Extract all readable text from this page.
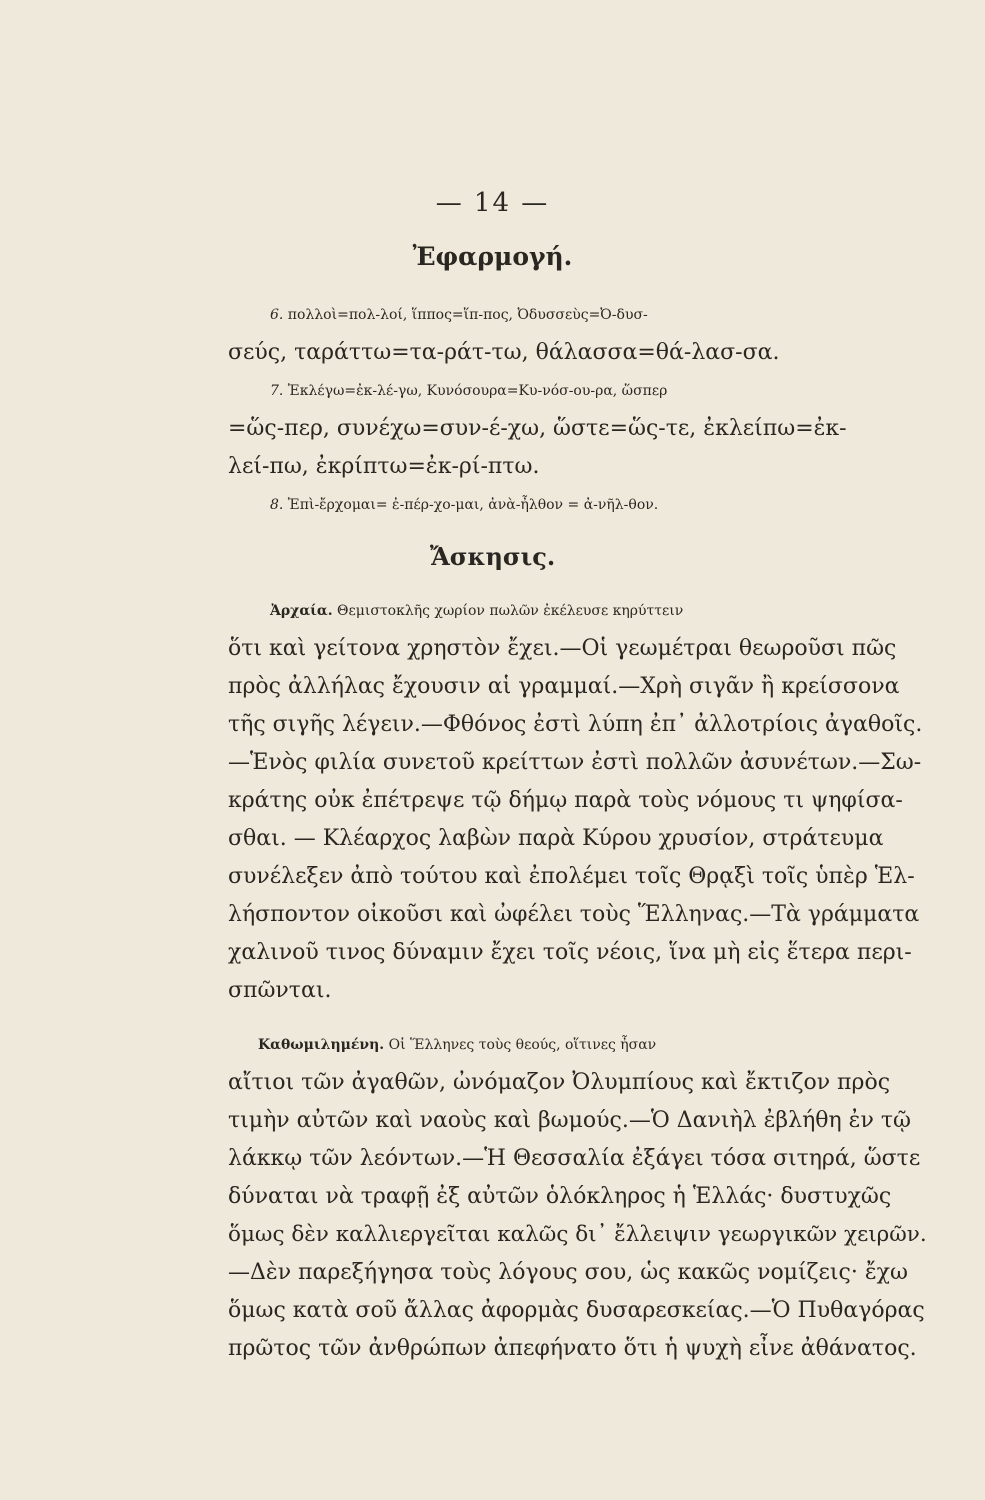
— 14 —
Ἐφαρμογή.
6. πολλοὶ=πολ-λοί, ἵππος=ἵπ-πος, Ὀδυσσεὺς=Ὀ-δυσ-
σεύς, ταράττω=τα-ράτ-τω, θάλασσα=θά-λασ-σα.
7. Ἐκλέγω=ἐκ-λέ-γω, Κυνόσουρα=Κυ-νόσ-ου-ρα, ὥσπερ
=ὥς-περ, συνέχω=συν-έ-χω, ὥστε=ὥς-τε, ἐκλείπω=ἐκ-
λεί-πω, ἐκρίπτω=ἐκ-ρί-πτω.
8. Ἐπὶ-ἔρχομαι= ἐ-πέρ-χο-μαι, ἀνὰ-ἦλθον = ἀ-νῆλ-θον.
Ἄσκησις.
Ἀρχαία. Θεμιστοκλῆς χωρίον πωλῶν ἐκέλευσε κηρύττειν
ὅτι καὶ γείτονα χρηστὸν ἔχει.—Οἱ γεωμέτραι θεωροῦσι πῶς
πρὸς ἀλλήλας ἔχουσιν αἱ γραμμαί.—Χρὴ σιγᾶν ἢ κρείσσονα
τῆς σιγῆς λέγειν.—Φθόνος ἐστὶ λύπη ἐπ᾽ ἀλλοτρίοις ἀγαθοῖς.
—Ἑνὸς φιλία συνετοῦ κρείττων ἐστὶ πολλῶν ἀσυνέτων.—Σω-
κράτης οὐκ ἐπέτρεψε τῷ δήμῳ παρὰ τοὺς νόμους τι ψηφίσα-
σθαι. — Κλέαρχος λαβὼν παρὰ Κύρου χρυσίον, στράτευμα
συνέλεξεν ἀπὸ τούτου καὶ ἐπολέμει τοῖς Θρᾳξὶ τοῖς ὑπὲρ Ἑλ-
λήσποντον οἰκοῦσι καὶ ὠφέλει τοὺς Ἕλληνας.—Τὰ γράμματα
χαλινοῦ τινος δύναμιν ἔχει τοῖς νέοις, ἵνα μὴ εἰς ἕτερα περι-
σπῶνται.
Καθωμιλημένη. Οἱ Ἕλληνες τοὺς θεούς, οἵτινες ἦσαν
αἴτιοι τῶν ἀγαθῶν, ὠνόμαζον Ὀλυμπίους καὶ ἔκτιζον πρὸς
τιμὴν αὐτῶν καὶ ναοὺς καὶ βωμούς.—Ὁ Δανιὴλ ἐβλήθη ἐν τῷ
λάκκῳ τῶν λεόντων.—Ἡ Θεσσαλία ἐξάγει τόσα σιτηρά, ὥστε
δύναται νὰ τραφῇ ἐξ αὐτῶν ὁλόκληρος ἡ Ἑλλάς· δυστυχῶς
ὅμως δὲν καλλιεργεῖται καλῶς δι᾽ ἔλλειψιν γεωργικῶν χειρῶν.
—Δὲν παρεξήγησα τοὺς λόγους σου, ὡς κακῶς νομίζεις· ἔχω
ὅμως κατὰ σοῦ ἄλλας ἀφορμὰς δυσαρεσκείας.—Ὁ Πυθαγόρας
πρῶτος τῶν ἀνθρώπων ἀπεφήνατο ὅτι ἡ ψυχὴ εἶνε ἀθάνατος.
